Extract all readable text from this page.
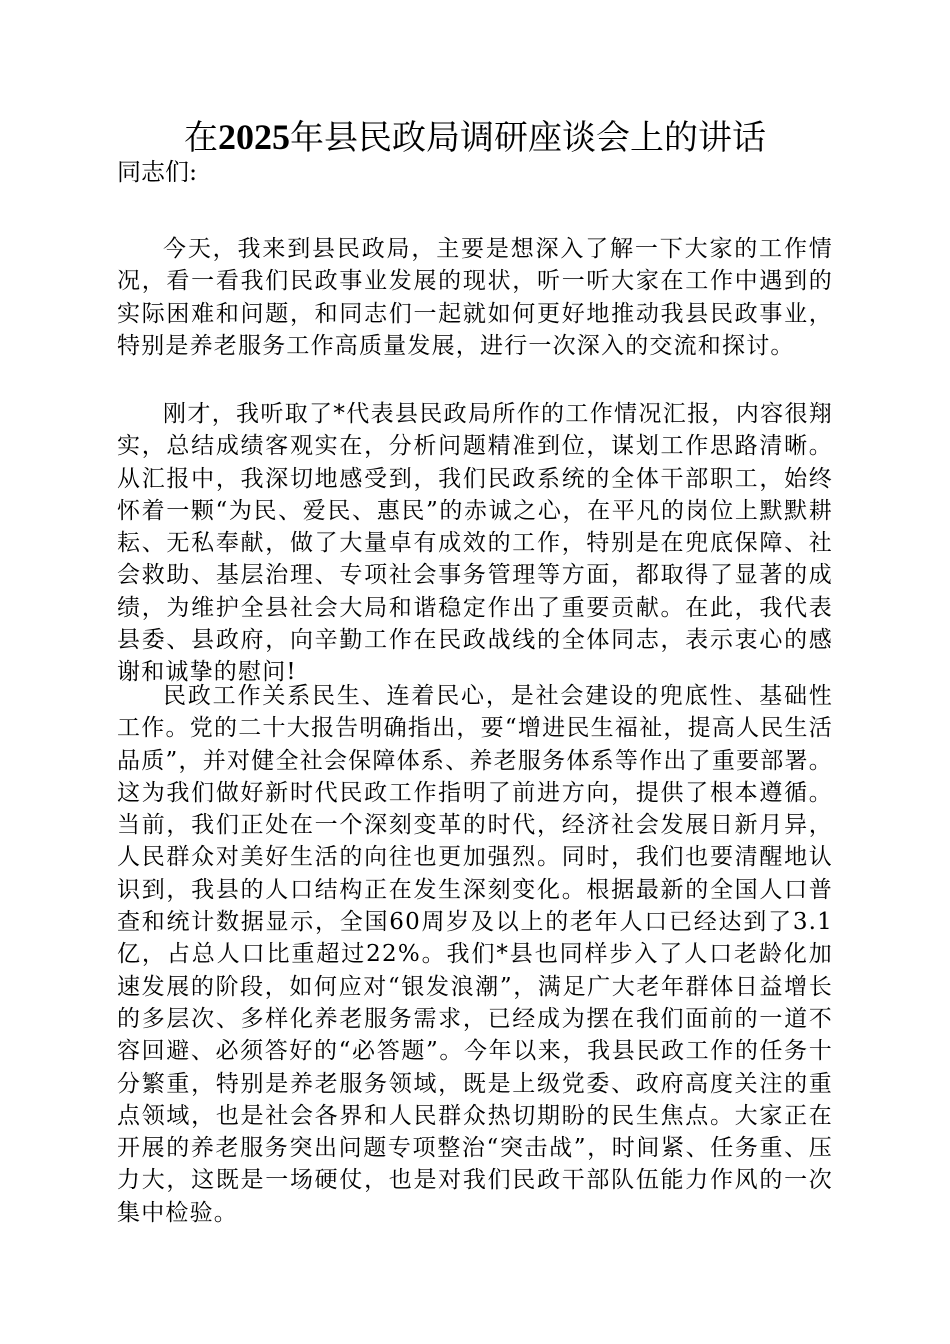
在2025年县民政局调研座谈会上的讲话

同志们:

今天，我来到县民政局，主要是想深入了解一下大家的工作情况，看一看我们民政事业发展的现状，听一听大家在工作中遇到的实际困难和问题，和同志们一起就如何更好地推动我县民政事业，特别是养老服务工作高质量发展，进行一次深入的交流和探讨。

刚才，我听取了*代表县民政局所作的工作情况汇报，内容很翔实，总结成绩客观实在，分析问题精准到位，谋划工作思路清晰。从汇报中，我深切地感受到，我们民政系统的全体干部职工，始终怀着一颗“为民、爱民、惠民”的赤诚之心，在平凡的岗位上默默耕耘、无私奉献，做了大量卓有成效的工作，特别是在兜底保障、社会救助、基层治理、专项社会事务管理等方面，都取得了显著的成绩，为维护全县社会大局和谐稳定作出了重要贡献。在此，我代表县委、县政府，向辛勤工作在民政战线的全体同志，表示衷心的感谢和诚挚的慰问!

民政工作关系民生、连着民心，是社会建设的兜底性、基础性工作。党的二十大报告明确指出，要“增进民生福祉，提高人民生活品质”，并对健全社会保障体系、养老服务体系等作出了重要部署。这为我们做好新时代民政工作指明了前进方向，提供了根本遵循。当前，我们正处在一个深刻变革的时代，经济社会发展日新月异，人民群众对美好生活的向往也更加强烈。同时，我们也要清醒地认识到，我县的人口结构正在发生深刻变化。根据最新的全国人口普查和统计数据显示，全国60周岁及以上的老年人口已经达到了3.1亿，占总人口比重超过22%。我们*县也同样步入了人口老龄化加速发展的阶段，如何应对“银发浪潮”，满足广大老年群体日益增长的多层次、多样化养老服务需求，已经成为摆在我们面前的一道不容回避、必须答好的“必答题”。今年以来，我县民政工作的任务十分繁重，特别是养老服务领域，既是上级党委、政府高度关注的重点领域，也是社会各界和人民群众热切期盼的民生焦点。大家正在开展的养老服务突出问题专项整治“突击战”，时间紧、任务重、压力大，这既是一场硬仗，也是对我们民政干部队伍能力作风的一次集中检验。
